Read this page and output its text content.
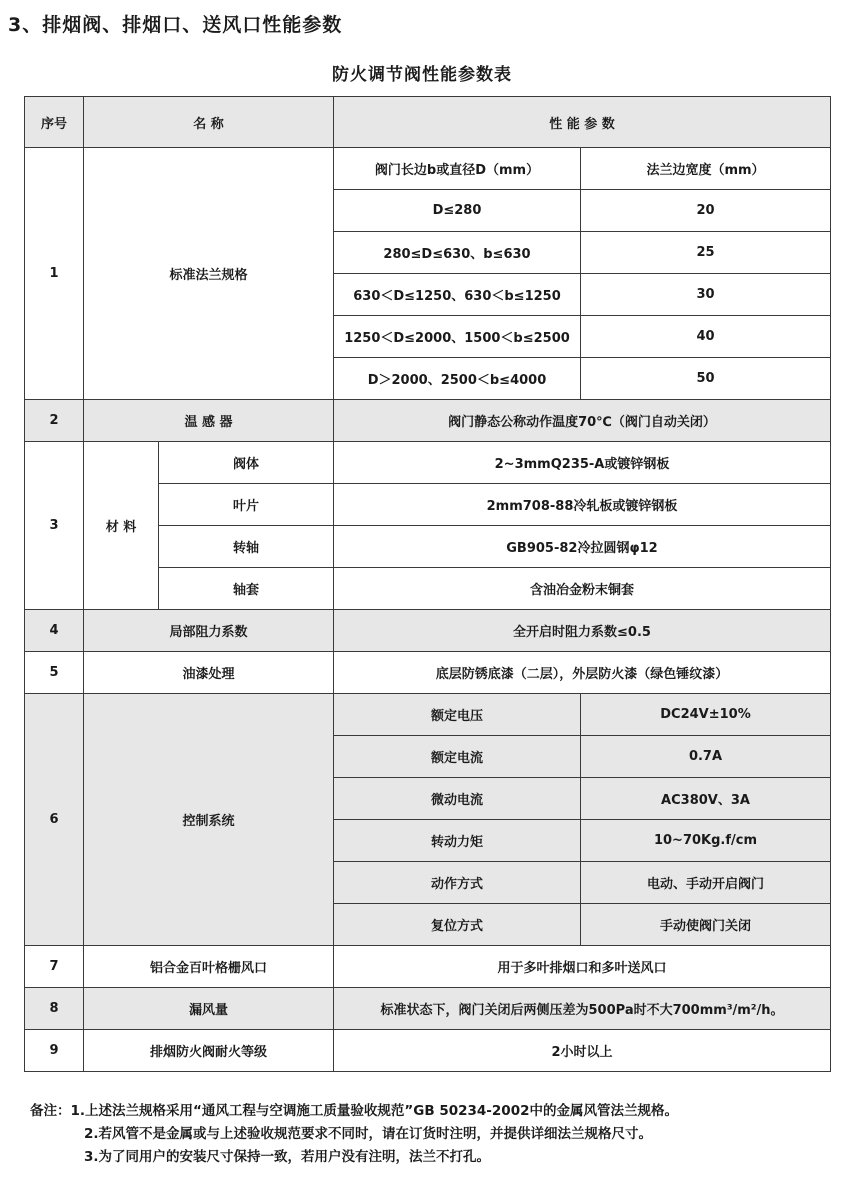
3、排烟阀、排烟口、送风口性能参数
防火调节阀性能参数表
序号	名 称		性 能 参 数	
1	标准法兰规格		阀门长边b或直径D（mm）	法兰边宽度（mm）
			D≤280	20
			280≤D≤630、b≤630	25
			630＜D≤1250、630＜b≤1250	30
			1250＜D≤2000、1500＜b≤2500	40
			D＞2000、2500＜b≤4000	50
2	温 感 器		阀门静态公称动作温度70℃（阀门自动关闭）	
3	材 料	阀体	2~3mmQ235-A或镀锌钢板	
		叶片	2mm708-88冷轧板或镀锌钢板	
		转轴	GB905-82冷拉圆钢φ12	
		轴套	含油冶金粉末铜套	
4	局部阻力系数		全开启时阻力系数≤0.5	
5	油漆处理		底层防锈底漆（二层），外层防火漆（绿色锤纹漆）	
6	控制系统		额定电压	DC24V±10%
			额定电流	0.7A
			微动电流	AC380V、3A
			转动力矩	10~70Kg.f/cm
			动作方式	电动、手动开启阀门
			复位方式	手动使阀门关闭
7	铝合金百叶格栅风口		用于多叶排烟口和多叶送风口	
8	漏风量		标准状态下，阀门关闭后两侧压差为500Pa时不大700mm³/m²/h。	
9	排烟防火阀耐火等级		2小时以上	
备注：1.上述法兰规格采用“通风工程与空调施工质量验收规范”GB 50234-2002中的金属风管法兰规格。
2.若风管不是金属或与上述验收规范要求不同时，请在订货时注明，并提供详细法兰规格尺寸。
3.为了同用户的安装尺寸保持一致，若用户没有注明，法兰不打孔。
